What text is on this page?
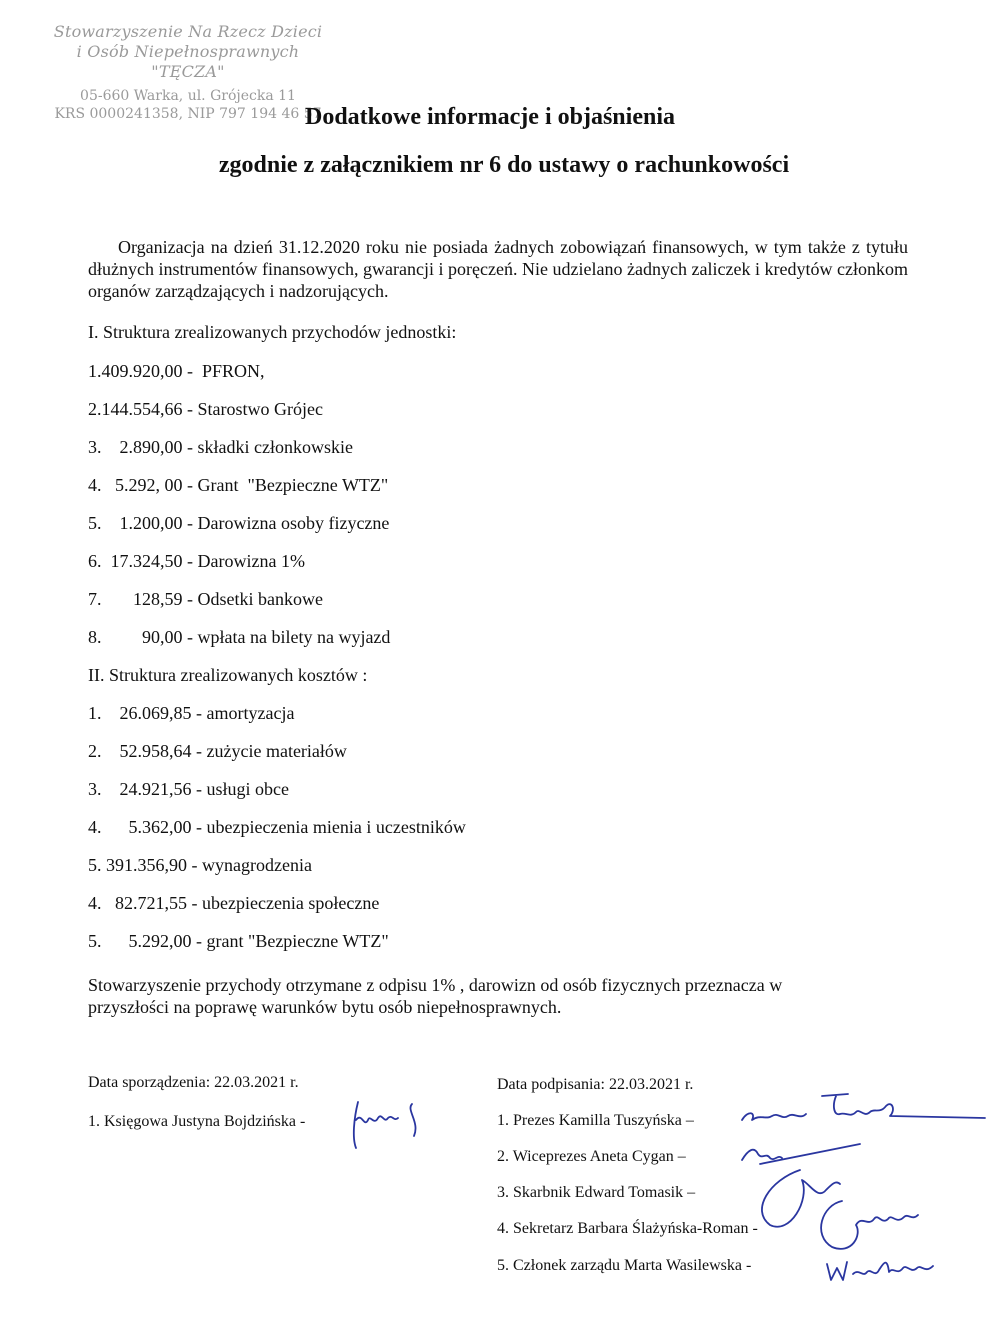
Stowarzyszenie Na Rzecz Dzieci
i Osób Niepełnosprawnych "TĘCZA"
05-660 Warka, ul. Grójecka 11
KRS 0000241358, NIP 797 194 46 57
Dodatkowe informacje i objaśnienia
zgodnie z załącznikiem nr 6 do ustawy o rachunkowości

Organizacja na dzień 31.12.2020 roku nie posiada żadnych zobowiązań finansowych, w tym także z tytułu dłużnych instrumentów finansowych, gwarancji i poręczeń. Nie udzielano żadnych zaliczek i kredytów członkom organów zarządzających i nadzorujących.

I. Struktura zrealizowanych przychodów jednostki:
1.409.920,00 -  PFRON,
2.144.554,66 - Starostwo Grójec
3.    2.890,00 - składki członkowskie
4.   5.292, 00 - Grant  "Bezpieczne WTZ"
5.    1.200,00 - Darowizna osoby fizyczne
6.  17.324,50 - Darowizna 1%
7.       128,59 - Odsetki bankowe
8.         90,00 - wpłata na bilety na wyjazd
II. Struktura zrealizowanych kosztów :
1.    26.069,85 - amortyzacja
2.    52.958,64 - zużycie materiałów
3.    24.921,56 - usługi obce
4.      5.362,00 - ubezpieczenia mienia i uczestników
5. 391.356,90 - wynagrodzenia
4.   82.721,55 - ubezpieczenia społeczne
5.      5.292,00 - grant "Bezpieczne WTZ"
Stowarzyszenie przychody otrzymane z odpisu 1% , darowizn od osób fizycznych przeznacza w przyszłości na poprawę warunków bytu osób niepełnosprawnych.
Data sporządzenia: 22.03.2021 r.
1. Księgowa Justyna Bojdzińska -
Data podpisania: 22.03.2021 r.
1. Prezes Kamilla Tuszyńska –
2. Wiceprezes Aneta Cygan –
3. Skarbnik Edward Tomasik –
4. Sekretarz Barbara Ślażyńska-Roman -
5. Członek zarządu Marta Wasilewska -
